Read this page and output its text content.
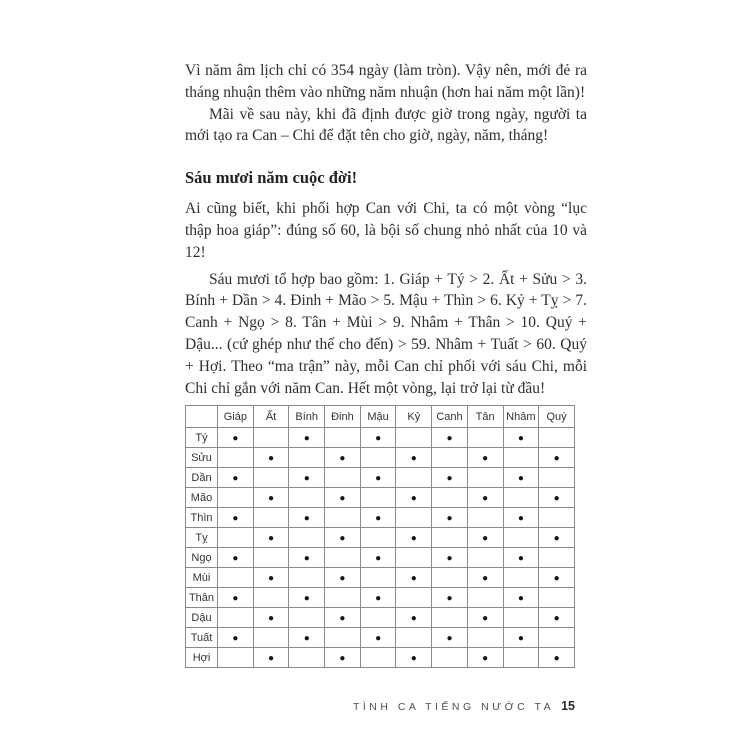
Vì năm âm lịch chỉ có 354 ngày (làm tròn). Vậy nên, mới đẻ ra tháng nhuận thêm vào những năm nhuận (hơn hai năm một lần)!

Mãi về sau này, khi đã định được giờ trong ngày, người ta mới tạo ra Can – Chi để đặt tên cho giờ, ngày, năm, tháng!

Sáu mươi năm cuộc đời!

Ai cũng biết, khi phối hợp Can với Chi, ta có một vòng “lục thập hoa giáp”: đúng số 60, là bội số chung nhỏ nhất của 10 và 12!

Sáu mươi tổ hợp bao gồm: 1. Giáp + Tý > 2. Ất + Sửu > 3. Bính + Dần > 4. Đinh + Mão > 5. Mậu + Thìn > 6. Kỷ + Tỵ > 7. Canh + Ngọ > 8. Tân + Mùi > 9. Nhâm + Thân > 10. Quý + Dậu... (cứ ghép như thế cho đến) > 59. Nhâm + Tuất > 60. Quý + Hợi. Theo “ma trận” này, mỗi Can chỉ phối với sáu Chi, mỗi Chi chỉ gắn với năm Can. Hết một vòng, lại trở lại từ đầu!

	Giáp	Ất	Bính	Đinh	Mậu	Kỷ	Canh	Tân	Nhâm	Quý
Tý	●		●		●		●		●	
Sửu		●		●		●		●		●
Dần	●		●		●		●		●	
Mão		●		●		●		●		●
Thìn	●		●		●		●		●	
Tỵ		●		●		●		●		●
Ngọ	●		●		●		●		●	
Mùi		●		●		●		●		●
Thân	●		●		●		●		●	
Dậu		●		●		●		●		●
Tuất	●		●		●		●		●	
Hợi		●		●		●		●		●
TÌNH CA TIẾNG NƯỚC TA 15
